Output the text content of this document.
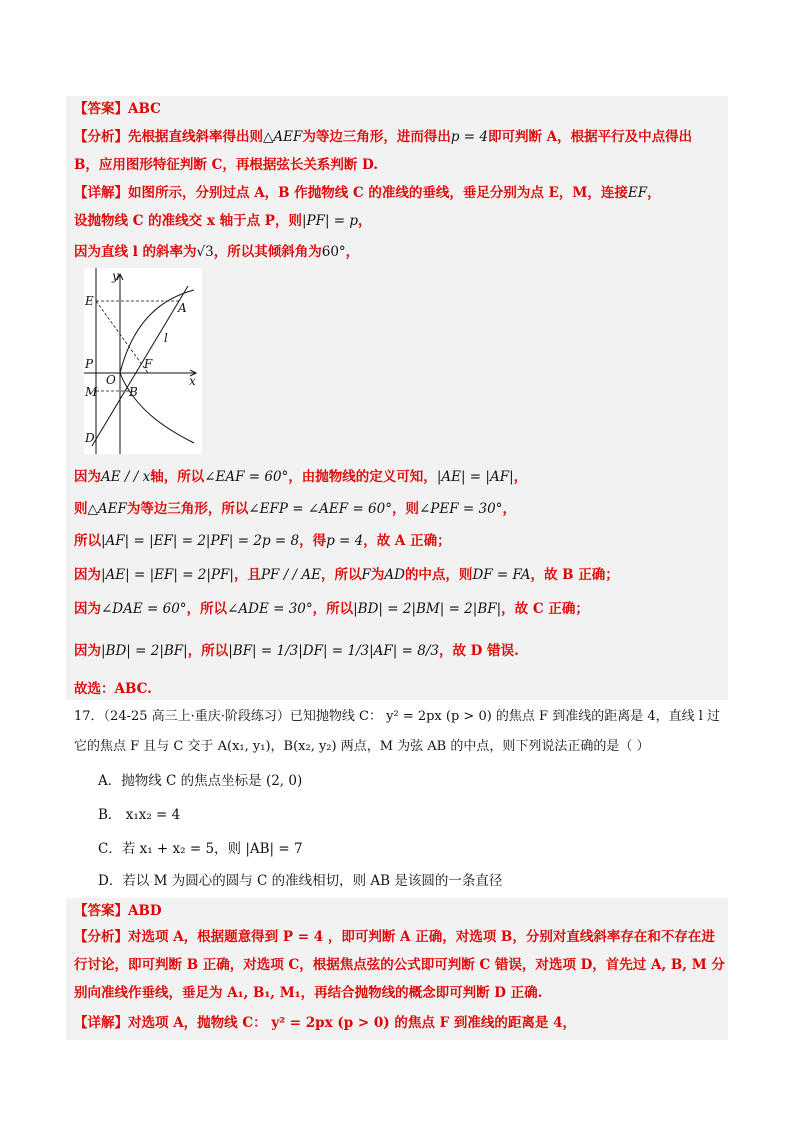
【答案】ABC
【分析】先根据直线斜率得出则△AEF为等边三角形，进而得出p = 4即可判断 A，根据平行及中点得出
B，应用图形特征判断 C，再根据弦长关系判断 D.
【详解】如图所示，分别过点 A，B 作抛物线 C 的准线的垂线，垂足分别为点 E，M，连接EF，
设抛物线 C 的准线交 x 轴于点 P，则|PF| = p，
因为直线 l 的斜率为√3，所以其倾斜角为60°，
y
E	A
l
P	F
O	x
M	B
D
因为AE / / x轴，所以∠EAF = 60°，由抛物线的定义可知，|AE| = |AF|，
则△AEF为等边三角形，所以∠EFP = ∠AEF = 60°，则∠PEF = 30°，
所以|AF| = |EF| = 2|PF| = 2p = 8，得p = 4，故 A 正确；
因为|AE| = |EF| = 2|PF|，且PF / / AE，所以F为AD的中点，则DF = FA，故 B 正确；
因为∠DAE = 60°，所以∠ADE = 30°，所以|BD| = 2|BM| = 2|BF|，故 C 正确；
因为|BD| = 2|BF|，所以|BF| = 1/3|DF| = 1/3|AF| = 8/3，故 D 错误.
故选：ABC.
17．（24-25 高三上·重庆·阶段练习）已知抛物线 C： y² = 2px (p > 0) 的焦点 F 到准线的距离是 4，直线 l 过
它的焦点 F 且与 C 交于 A(x₁, y₁)，B(x₂, y₂) 两点，M 为弦 AB 的中点，则下列说法正确的是（ ）
A．抛物线 C 的焦点坐标是 (2, 0)
B． x₁x₂ = 4
C．若 x₁ + x₂ = 5，则 |AB| = 7
D．若以 M 为圆心的圆与 C 的准线相切，则 AB 是该圆的一条直径
【答案】ABD
【分析】对选项 A，根据题意得到 P = 4 ，即可判断 A 正确，对选项 B，分别对直线斜率存在和不存在进
行讨论，即可判断 B 正确，对选项 C，根据焦点弦的公式即可判断 C 错误，对选项 D，首先过 A, B, M 分
别向准线作垂线，垂足为 A₁, B₁, M₁，再结合抛物线的概念即可判断 D 正确.
【详解】对选项 A，抛物线 C： y² = 2px (p > 0) 的焦点 F 到准线的距离是 4，
